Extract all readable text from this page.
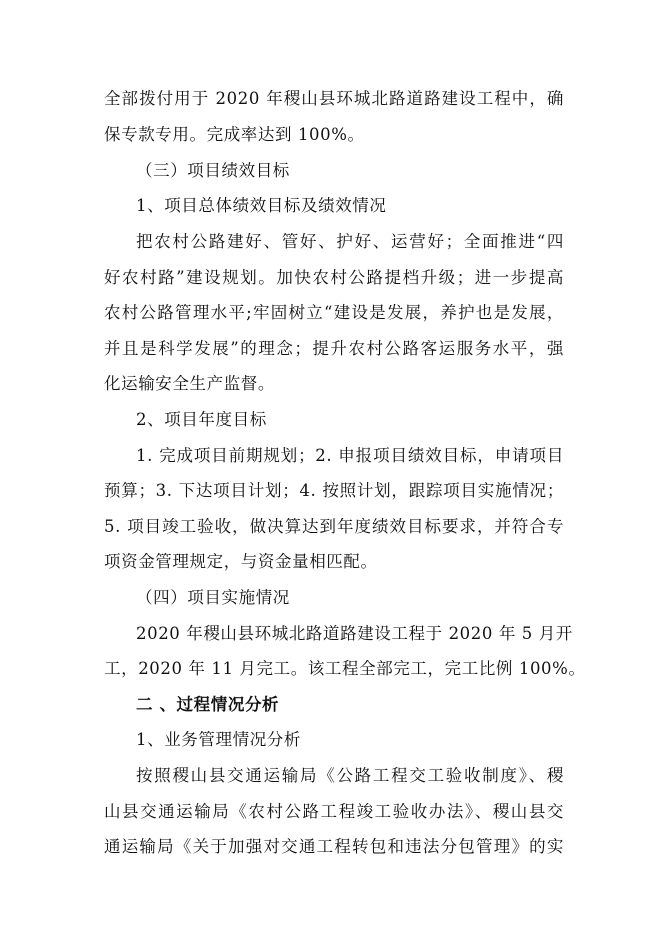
全部拨付用于 2020 年稷山县环城北路道路建设工程中，确
保专款专用。完成率达到 100%。
（三）项目绩效目标
1、项目总体绩效目标及绩效情况
把农村公路建好、管好、护好、运营好；全面推进“四
好农村路”建设规划。加快农村公路提档升级；进一步提高
农村公路管理水平;牢固树立“建设是发展，养护也是发展，
并且是科学发展”的理念；提升农村公路客运服务水平，强
化运输安全生产监督。
2、项目年度目标
1. 完成项目前期规划；2. 申报项目绩效目标，申请项目
预算；3. 下达项目计划；4. 按照计划，跟踪项目实施情况；
5. 项目竣工验收，做决算达到年度绩效目标要求，并符合专
项资金管理规定，与资金量相匹配。
（四）项目实施情况
2020 年稷山县环城北路道路建设工程于 2020 年 5 月开
工，2020 年 11 月完工。该工程全部完工，完工比例 100%。
二 、过程情况分析
1、业务管理情况分析
按照稷山县交通运输局《公路工程交工验收制度》、稷
山县交通运输局《农村公路工程竣工验收办法》、稷山县交
通运输局《关于加强对交通工程转包和违法分包管理》的实
